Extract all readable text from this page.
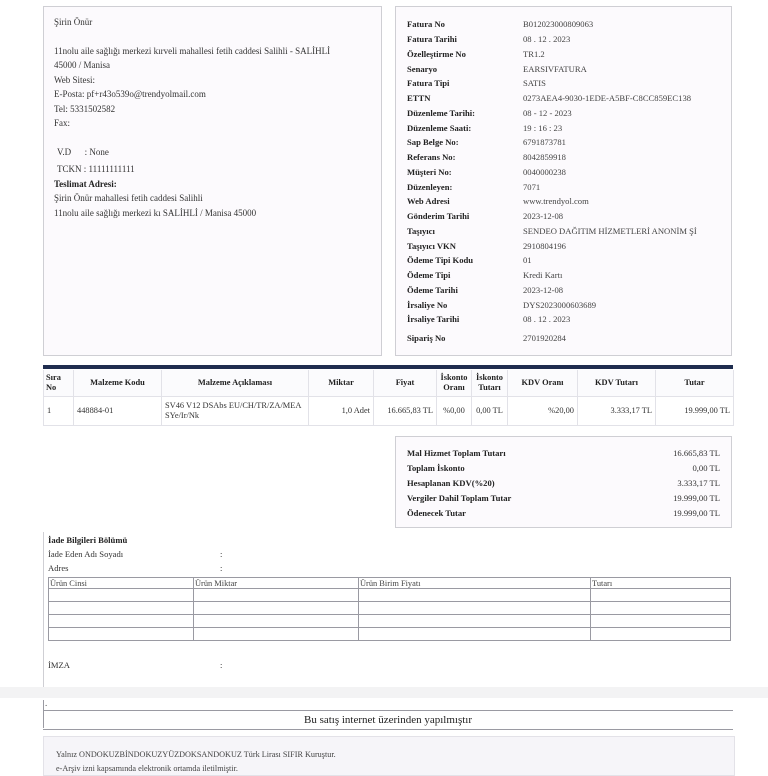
Şirin Önür
11nolu aile sağlığı merkezi kırveli mahallesi fetih caddesi Salihli - SALİHLİ
45000 / Manisa
Web Sitesi:
E-Posta: pf+r43o539o@trendyolmail.com
Tel: 5331502582
Fax:
V.D      : None
TCKN : 11111111111
Teslimat Adresi:
Şirin Önür mahallesi fetih caddesi Salihli
11nolu aile sağlığı merkezi kı SALİHLİ / Manisa 45000
Fatura No	B012023000809063
Fatura Tarihi	08 . 12 . 2023
Özelleştirme No	TR1.2
Senaryo	EARSIVFATURA
Fatura Tipi	SATIS
ETTN	0273AEA4-9030-1EDE-A5BF-C8CC859EC138
Düzenleme Tarihi:	08 - 12 - 2023
Düzenleme Saati:	19 : 16 : 23
Sap Belge No:	6791873781
Referans No:	8042859918
Müşteri No:	0040000238
Düzenleyen:	7071
Web Adresi	www.trendyol.com
Gönderim Tarihi	2023-12-08
Taşıyıcı	SENDEO DAĞITIM HİZMETLERİ ANONİM Şİ
Taşıyıcı VKN	2910804196
Ödeme Tipi Kodu	01
Ödeme Tipi	Kredi Kartı
Ödeme Tarihi	2023-12-08
İrsaliye No	DYS2023000603689
İrsaliye Tarihi	08 . 12 . 2023
Sipariş No	2701920284
Sıra No	Malzeme Kodu	Malzeme Açıklaması	Miktar	Fiyat	İskonto Oranı	İskonto Tutarı	KDV Oranı	KDV Tutarı	Tutar
1	448884-01	SV46 V12 DSAbs EU/CH/TR/ZA/MEA SYe/Ir/Nk	1,0 Adet	16.665,83 TL	%0,00	0,00 TL	%20,00	3.333,17 TL	19.999,00 TL
Mal Hizmet Toplam Tutarı	16.665,83 TL
Toplam İskonto	0,00 TL
Hesaplanan KDV(%20)	3.333,17 TL
Vergiler Dahil Toplam Tutar	19.999,00 TL
Ödenecek Tutar	19.999,00 TL
İade Bilgileri Bölümü
İade Eden Adı Soyadı	:
Adres	:
Ürün Cinsi	Ürün Miktar	Ürün Birim Fiyatı	Tutarı

İMZA	:
.
Bu satış internet üzerinden yapılmıştır
Yalnız ONDOKUZBİNDOKUZYÜZDOKSANDOKUZ Türk Lirası SIFIR Kuruştur.
e-Arşiv izni kapsamında elektronik ortamda iletilmiştir.
